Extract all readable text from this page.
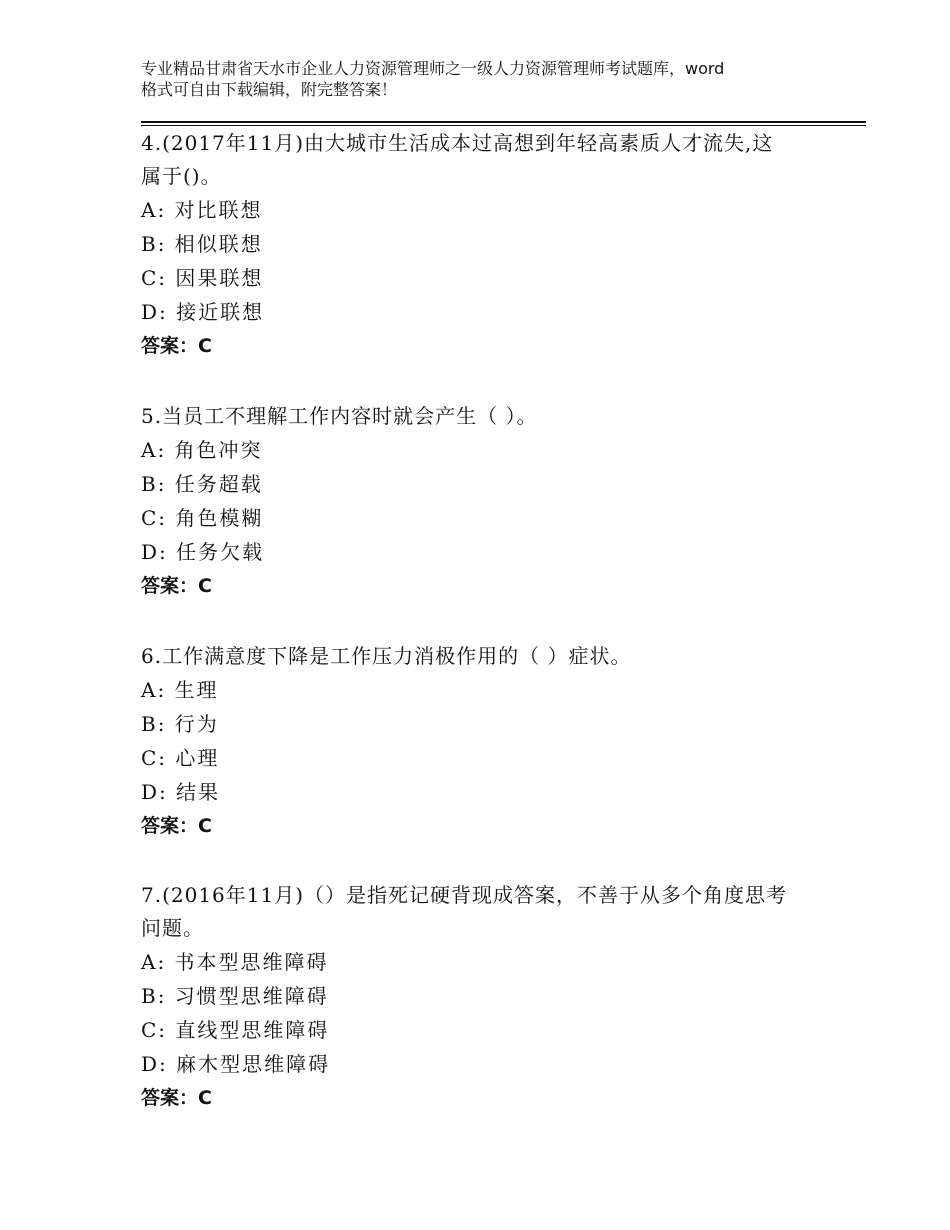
专业精品甘肃省天水市企业人力资源管理师之一级人力资源管理师考试题库，word
格式可自由下载编辑，附完整答案！
4.(2017年11月)由大城市生活成本过高想到年轻高素质人才流失,这
属于()。
A: 对比联想
B: 相似联想
C: 因果联想
D: 接近联想
答案：C
5.当员工不理解工作内容时就会产生（ ）。
A: 角色冲突
B: 任务超载
C: 角色模糊
D: 任务欠载
答案：C
6.工作满意度下降是工作压力消极作用的（ ）症状。
A: 生理
B: 行为
C: 心理
D: 结果
答案：C
7.(2016年11月)（）是指死记硬背现成答案，不善于从多个角度思考
问题。
A: 书本型思维障碍
B: 习惯型思维障碍
C: 直线型思维障碍
D: 麻木型思维障碍
答案：C
